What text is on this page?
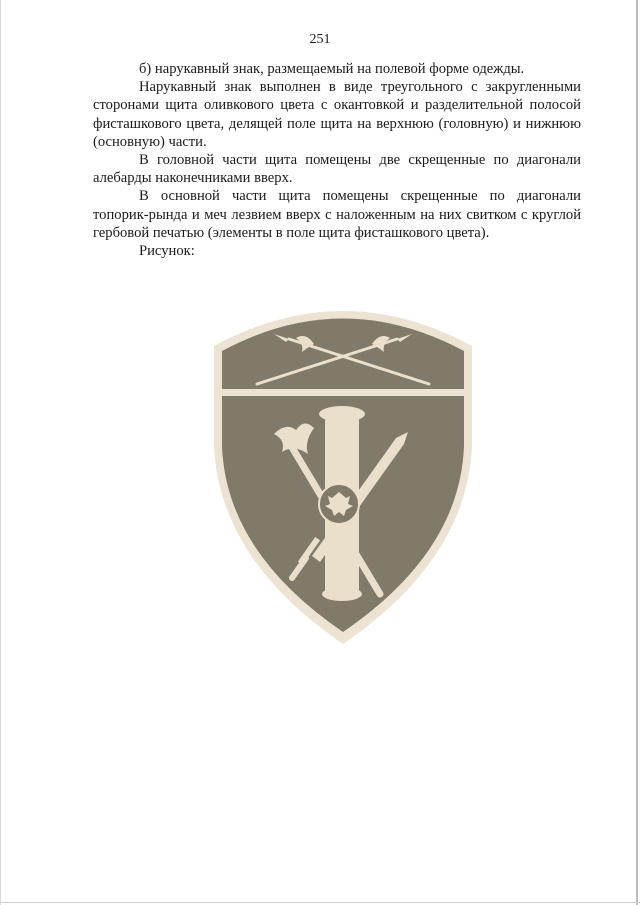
251

б) нарукавный знак, размещаемый на полевой форме одежды.

Нарукавный знак выполнен в виде треугольного с закругленными сторонами щита оливкового цвета с окантовкой и разделительной полосой фисташкового цвета, делящей поле щита на верхнюю (головную) и нижнюю (основную) части.

В головной части щита помещены две скрещенные по диагонали алебарды наконечниками вверх.

В основной части щита помещены скрещенные по диагонали топорик-рында и меч лезвием вверх с наложенным на них свитком с круглой гербовой печатью (элементы в поле щита фисташкового цвета).

Рисунок:
